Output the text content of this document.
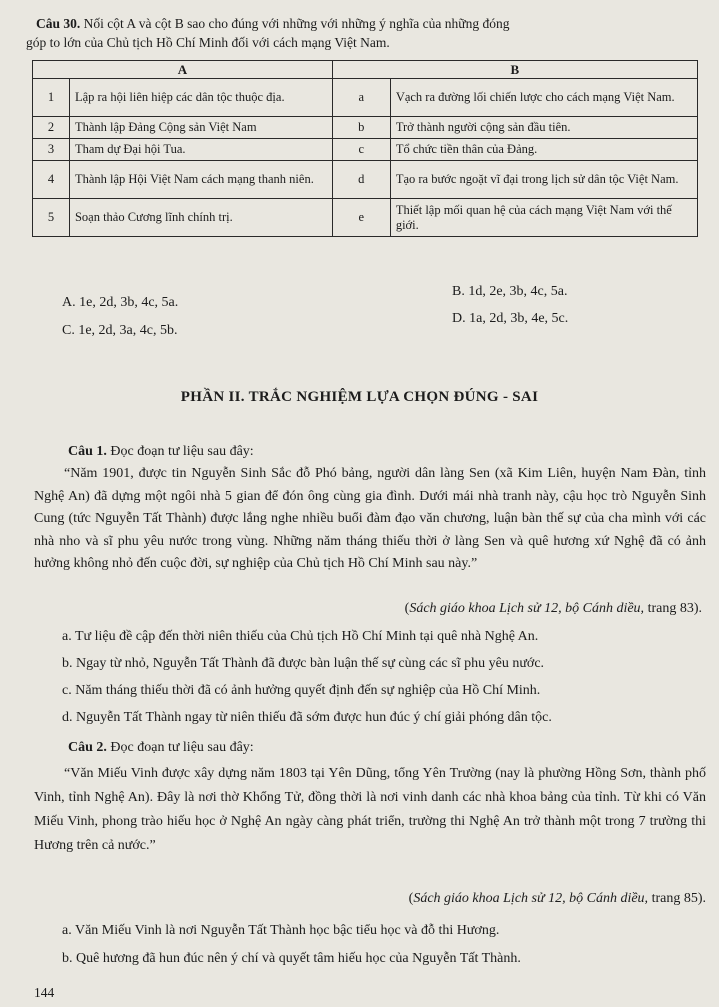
Câu 30. Nối cột A và cột B sao cho đúng với những với những ý nghĩa của những đóng
góp to lớn của Chủ tịch Hồ Chí Minh đối với cách mạng Việt Nam.
A		B	
1	Lập ra hội liên hiệp các dân tộc thuộc địa.	a	Vạch ra đường lối chiến lược cho cách mạng Việt Nam.
2	Thành lập Đảng Cộng sản Việt Nam	b	Trở thành người cộng sản đầu tiên.
3	Tham dự Đại hội Tua.	c	Tổ chức tiền thân của Đảng.
4	Thành lập Hội Việt Nam cách mạng thanh niên.	d	Tạo ra bước ngoặt vĩ đại trong lịch sử dân tộc Việt Nam.
5	Soạn thảo Cương lĩnh chính trị.	e	Thiết lập mối quan hệ của cách mạng Việt Nam với thế giới.
A. 1e, 2d, 3b, 4c, 5a.
B. 1d, 2e, 3b, 4c, 5a.
C. 1e, 2d, 3a, 4c, 5b.
D. 1a, 2d, 3b, 4e, 5c.
PHẦN II. TRẮC NGHIỆM LỰA CHỌN ĐÚNG - SAI
Câu 1. Đọc đoạn tư liệu sau đây:
“Năm 1901, được tin Nguyễn Sinh Sắc đỗ Phó bảng, người dân làng Sen (xã Kim Liên, huyện Nam Đàn, tỉnh Nghệ An) đã dựng một ngôi nhà 5 gian để đón ông cùng gia đình. Dưới mái nhà tranh này, cậu học trò Nguyễn Sinh Cung (tức Nguyễn Tất Thành) được lắng nghe nhiều buổi đàm đạo văn chương, luận bàn thế sự của cha mình với các nhà nho và sĩ phu yêu nước trong vùng. Những năm tháng thiếu thời ở làng Sen và quê hương xứ Nghệ đã có ảnh hưởng không nhỏ đến cuộc đời, sự nghiệp của Chủ tịch Hồ Chí Minh sau này.”
(Sách giáo khoa Lịch sử 12, bộ Cánh diều, trang 83).
a. Tư liệu đề cập đến thời niên thiếu của Chủ tịch Hồ Chí Minh tại quê nhà Nghệ An.
b. Ngay từ nhỏ, Nguyễn Tất Thành đã được bàn luận thế sự cùng các sĩ phu yêu nước.
c. Năm tháng thiếu thời đã có ảnh hưởng quyết định đến sự nghiệp của Hồ Chí Minh.
d. Nguyễn Tất Thành ngay từ niên thiếu đã sớm được hun đúc ý chí giải phóng dân tộc.
Câu 2. Đọc đoạn tư liệu sau đây:
“Văn Miếu Vinh được xây dựng năm 1803 tại Yên Dũng, tổng Yên Trường (nay là phường Hồng Sơn, thành phố Vinh, tỉnh Nghệ An). Đây là nơi thờ Khổng Tử, đồng thời là nơi vinh danh các nhà khoa bảng của tỉnh. Từ khi có Văn Miếu Vinh, phong trào hiếu học ở Nghệ An ngày càng phát triển, trường thi Nghệ An trở thành một trong 7 trường thi Hương trên cả nước.”
(Sách giáo khoa Lịch sử 12, bộ Cánh diều, trang 85).
a. Văn Miếu Vinh là nơi Nguyễn Tất Thành học bậc tiểu học và đỗ thi Hương.
b. Quê hương đã hun đúc nên ý chí và quyết tâm hiếu học của Nguyễn Tất Thành.
144
